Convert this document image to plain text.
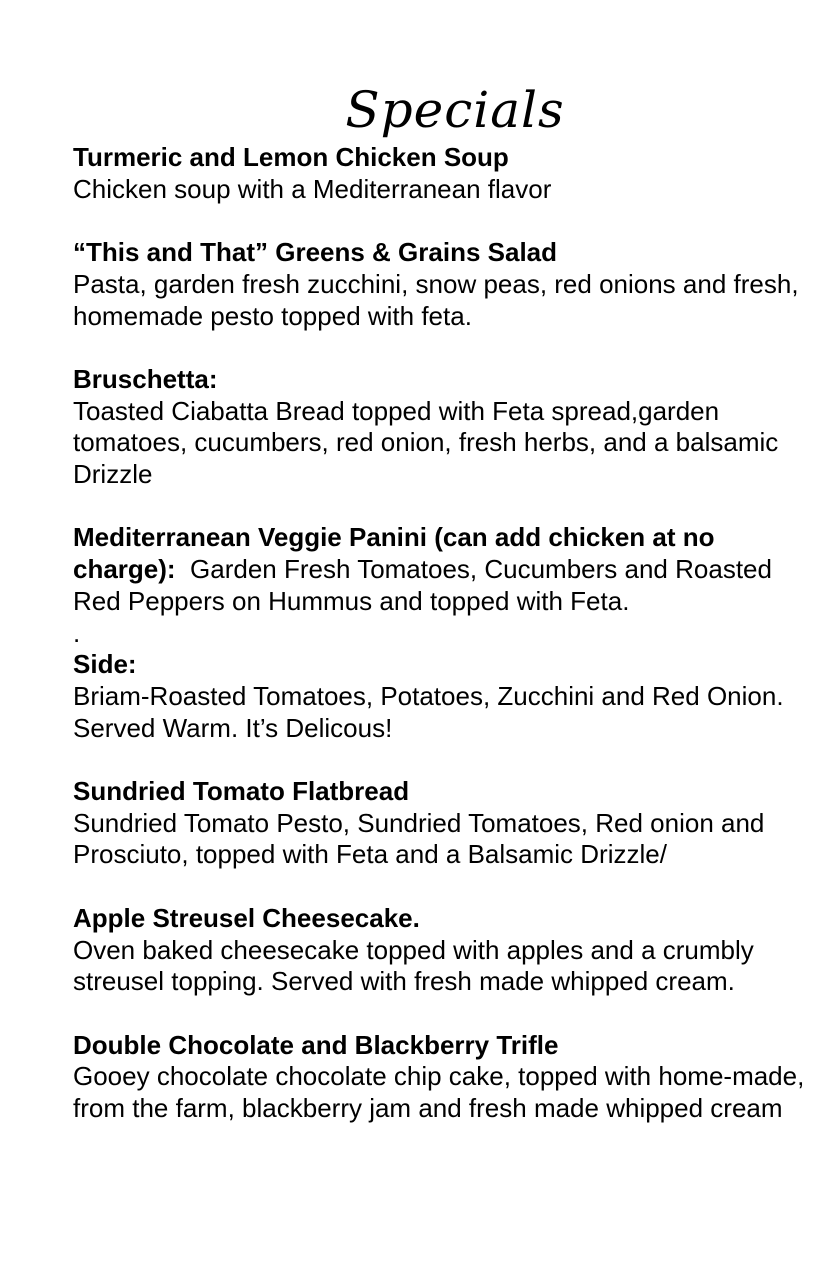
Specials
Turmeric and Lemon Chicken Soup
Chicken soup with a Mediterranean flavor
“This and That” Greens & Grains Salad
Pasta, garden fresh zucchini, snow peas, red onions and fresh, homemade pesto topped with feta.
Bruschetta:
Toasted Ciabatta Bread topped with Feta spread,garden tomatoes, cucumbers, red onion, fresh herbs, and a balsamic Drizzle
Mediterranean Veggie Panini (can add chicken at no charge): Garden Fresh Tomatoes, Cucumbers and Roasted Red Peppers on Hummus and topped with Feta.
.
Side:
Briam-Roasted Tomatoes, Potatoes, Zucchini and Red Onion. Served Warm. It’s Delicous!
Sundried Tomato Flatbread
Sundried Tomato Pesto, Sundried Tomatoes, Red onion and Prosciuto, topped with Feta and a Balsamic Drizzle/
Apple Streusel Cheesecake.
Oven baked cheesecake topped with apples and a crumbly streusel topping. Served with fresh made whipped cream.
Double Chocolate and Blackberry Trifle
Gooey chocolate chocolate chip cake, topped with home-made, from the farm, blackberry jam and fresh made whipped cream
